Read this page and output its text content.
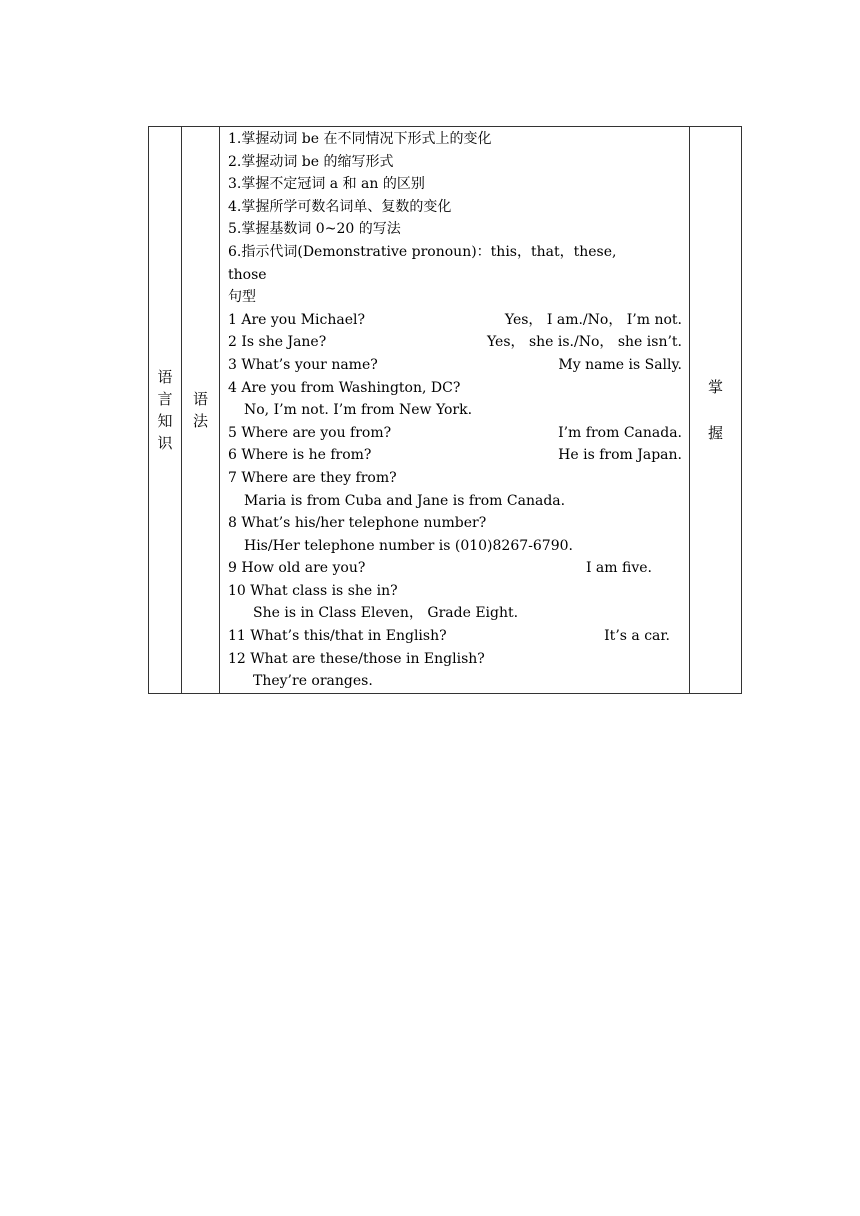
语
言
知
识

语
法

1.掌握动词 be 在不同情况下形式上的变化
2.掌握动词 be 的缩写形式
3.掌握不定冠词 a 和 an 的区别
4.掌握所学可数名词单、复数的变化
5.掌握基数词 0~20 的写法
6.指示代词(Demonstrative pronoun)：this，that，these,
those
句型
1 Are you Michael?	Yes， I am./No， I’m not.
2 Is she Jane?	Yes， she is./No， she isn’t.
3 What’s your name?	My name is Sally.
4 Are you from Washington, DC?
No, I’m not. I’m from New York.
5 Where are you from?	I’m from Canada.
6 Where is he from?	He is from Japan.
7 Where are they from?
Maria is from Cuba and Jane is from Canada.
8 What’s his/her telephone number?
His/Her telephone number is (010)8267-6790.
9 How old are you?	I am five.
10 What class is she in?
She is in Class Eleven， Grade Eight.
11 What’s this/that in English?	It’s a car.
12 What are these/those in English?
They’re oranges.

掌
握
